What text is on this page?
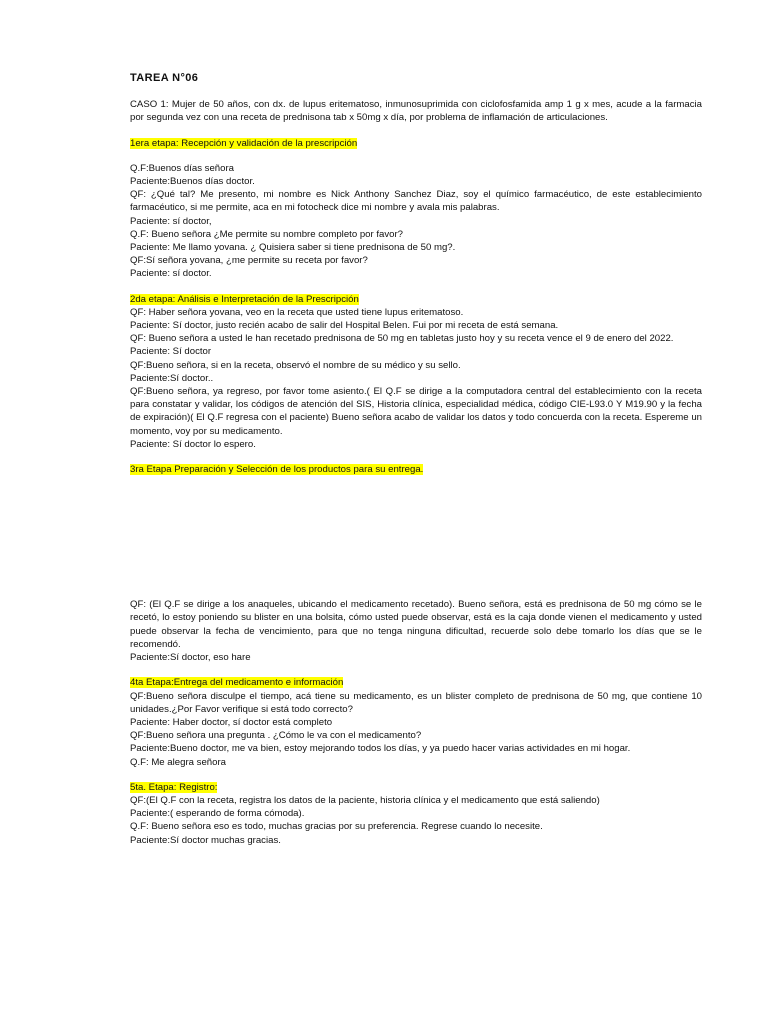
TAREA N°06

CASO 1: Mujer de 50 años, con dx. de lupus eritematoso, inmunosuprimida con ciclofosfamida amp 1 g x mes, acude a la farmacia por segunda vez con una receta de prednisona tab x 50mg x día, por problema de inflamación de articulaciones.

1era etapa: Recepción y validación de la prescripción

Q.F:Buenos días señora

Paciente:Buenos días doctor.

QF: ¿Qué tal? Me presento, mi nombre es Nick Anthony Sanchez Diaz, soy el químico farmacéutico, de este establecimiento farmacéutico, si me permite, aca en mi fotocheck dice mi nombre y avala mis palabras.

Paciente: sí doctor,

Q.F: Bueno señora ¿Me permite su nombre completo por favor?

Paciente: Me llamo yovana. ¿ Quisiera saber si tiene prednisona de 50 mg?.

QF:Sí señora yovana, ¿me permite su receta por favor?

Paciente: sí doctor.

2da etapa: Análisis e Interpretación de la Prescripción

QF: Haber señora yovana, veo en la receta que usted tiene lupus eritematoso.

Paciente: Sí doctor, justo recién acabo de salir del Hospital Belen. Fui por mi receta de está semana.

QF: Bueno señora a usted le han recetado prednisona de 50 mg en tabletas justo hoy y su receta vence el 9 de enero del 2022.

Paciente: Sí doctor

QF:Bueno señora, si en la receta, observó el nombre de su médico y su sello.

Paciente:Sí doctor..

QF:Bueno señora, ya regreso, por favor tome asiento.( El Q.F se dirige a la computadora central del establecimiento con la receta para constatar y validar, los códigos de atención del SIS, Historia clínica, especialidad médica, código CIE-L93.0 Y M19.90 y la fecha de expiración)( El Q.F regresa con el paciente) Bueno señora acabo de validar los datos y todo concuerda con la receta. Espereme un momento, voy por su medicamento.

Paciente: Sí doctor lo espero.

3ra Etapa Preparación y Selección de los productos para su entrega.

QF: (El Q.F se dirige a los anaqueles, ubicando el medicamento recetado). Bueno señora, está es prednisona de 50 mg cómo se le recetó, lo estoy poniendo su blister en una bolsita, cómo usted puede observar, está es la caja donde vienen el medicamento y usted puede observar la fecha de vencimiento, para que no tenga ninguna dificultad, recuerde solo debe tomarlo los días que se le recomendó.

Paciente:Sí doctor, eso hare

4ta Etapa:Entrega del medicamento e información

QF:Bueno señora disculpe el tiempo, acá tiene su medicamento, es un blister completo de prednisona de 50 mg, que contiene 10 unidades.¿Por Favor verifique si está todo correcto?

Paciente: Haber doctor, sí doctor está completo

QF:Bueno señora una pregunta . ¿Cómo le va con el medicamento?

Paciente:Bueno doctor, me va bien, estoy mejorando todos los días, y ya puedo hacer varias actividades en mi hogar.

Q.F: Me alegra señora

5ta. Etapa: Registro:

QF:(El Q.F con la receta, registra los datos de la paciente, historia clínica y el medicamento que está saliendo)

Paciente:( esperando de forma cómoda).

Q.F: Bueno señora eso es todo, muchas gracias por su preferencia. Regrese cuando lo necesite.

Paciente:Sí doctor muchas gracias.
